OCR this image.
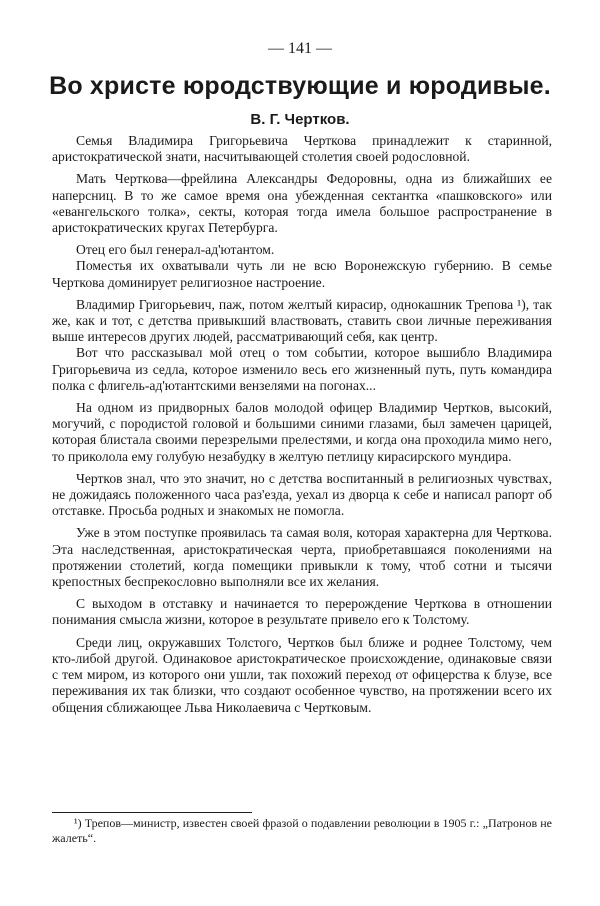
— 141 —
Во христе юродствующие и юродивые.
В. Г. Чертков.

Семья Владимира Григорьевича Черткова принадлежит к старинной, аристократической знати, насчитывающей столетия своей родословной.

Мать Черткова—фрейлина Александры Федоровны, одна из ближайших ее наперсниц. В то же самое время она убежденная сектантка «пашковского» или «евангельского толка», секты, которая тогда имела большое распространение в аристократических кругах Петербурга.

Отец его был генерал-ад'ютантом.

Поместья их охватывали чуть ли не всю Воронежскую губернию. В семье Черткова доминирует религиозное настроение.

Владимир Григорьевич, паж, потом желтый кирасир, однокашник Трепова ¹), так же, как и тот, с детства привыкший властвовать, ставить свои личные переживания выше интересов других людей, рассматривающий себя, как центр.

Вот что рассказывал мой отец о том событии, которое вышибло Владимира Григорьевича из седла, которое изменило весь его жизненный путь, путь командира полка с флигель-ад'ютантскими вензелями на погонах...

На одном из придворных балов молодой офицер Владимир Чертков, высокий, могучий, с породистой головой и большими синими глазами, был замечен царицей, которая блистала своими перезрелыми прелестями, и когда она проходила мимо него, то приколола ему голубую незабудку в желтую петлицу кирасирского мундира.

Чертков знал, что это значит, но с детства воспитанный в религиозных чувствах, не дожидаясь положенного часа раз'езда, уехал из дворца к себе и написал рапорт об отставке. Просьба родных и знакомых не помогла.

Уже в этом поступке проявилась та самая воля, которая характерна для Черткова. Эта наследственная, аристократическая черта, приобретавшаяся поколениями на протяжении столетий, когда помещики привыкли к тому, чтоб сотни и тысячи крепостных беспрекословно выполняли все их желания.

С выходом в отставку и начинается то перерождение Черткова в отношении понимания смысла жизни, которое в результате привело его к Толстому.

Среди лиц, окружавших Толстого, Чертков был ближе и роднее Толстому, чем кто-либой другой. Одинаковое аристократическое происхождение, одинаковые связи с тем миром, из которого они ушли, так похожий переход от офицерства к блузе, все переживания их так близки, что создают особенное чувство, на протяжении всего их общения сближающее Льва Николаевича с Чертковым.

¹) Трепов—министр, известен своей фразой о подавлении революции в 1905 г.: „Патронов не жалеть“.
